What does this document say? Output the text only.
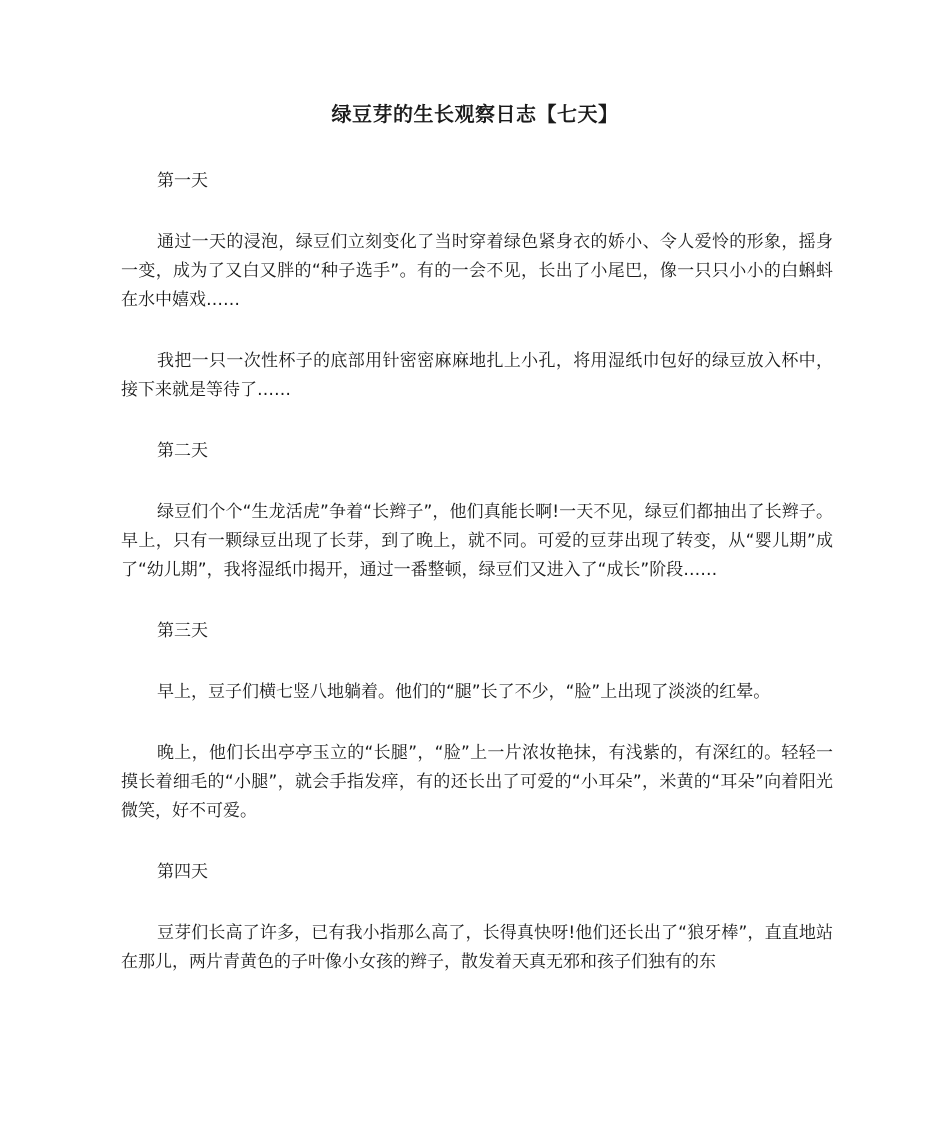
绿豆芽的生长观察日志【七天】

第一天

通过一天的浸泡，绿豆们立刻变化了当时穿着绿色紧身衣的娇小、令人爱怜的形象，摇身一变，成为了又白又胖的“种子选手”。有的一会不见，长出了小尾巴，像一只只小小的白蝌蚪在水中嬉戏……

我把一只一次性杯子的底部用针密密麻麻地扎上小孔，将用湿纸巾包好的绿豆放入杯中，接下来就是等待了……

第二天

绿豆们个个“生龙活虎”争着“长辫子”，他们真能长啊!一天不见，绿豆们都抽出了长辫子。早上，只有一颗绿豆出现了长芽，到了晚上，就不同。可爱的豆芽出现了转变，从“婴儿期”成了“幼儿期”，我将湿纸巾揭开，通过一番整顿，绿豆们又进入了“成长”阶段……

第三天

早上，豆子们横七竖八地躺着。他们的“腿”长了不少，“脸”上出现了淡淡的红晕。

晚上，他们长出亭亭玉立的“长腿”，“脸”上一片浓妆艳抹，有浅紫的，有深红的。轻轻一摸长着细毛的“小腿”，就会手指发痒，有的还长出了可爱的“小耳朵”，米黄的“耳朵”向着阳光微笑，好不可爱。

第四天

豆芽们长高了许多，已有我小指那么高了，长得真快呀!他们还长出了“狼牙棒”，直直地站在那儿，两片青黄色的子叶像小女孩的辫子，散发着天真无邪和孩子们独有的东
